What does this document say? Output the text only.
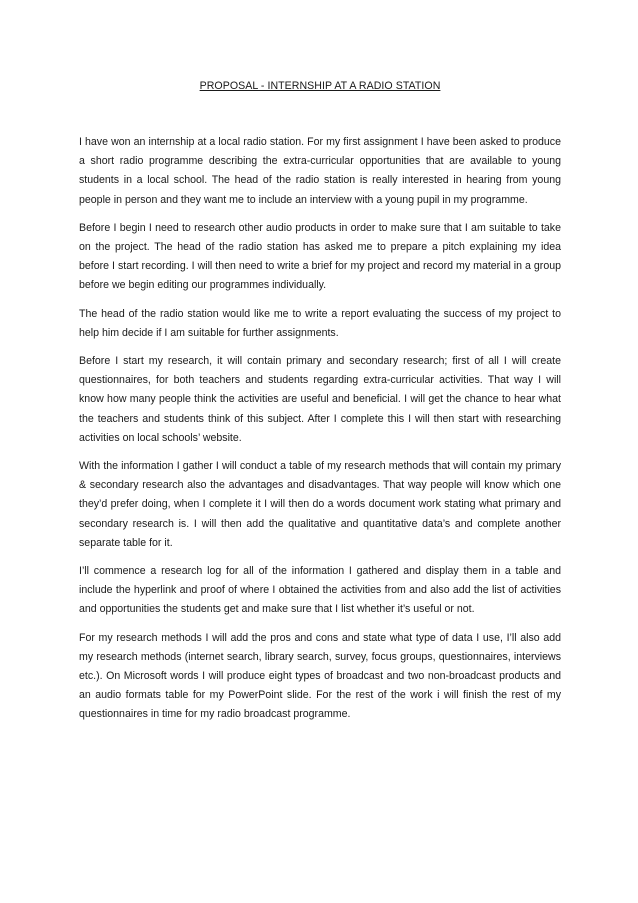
PROPOSAL - INTERNSHIP AT A RADIO STATION

I have won an internship at a local radio station. For my first assignment I have been asked to produce a short radio programme describing the extra-curricular opportunities that are available to young students in a local school. The head of the radio station is really interested in hearing from young people in person and they want me to include an interview with a young pupil in my programme.

Before I begin I need to research other audio products in order to make sure that I am suitable to take on the project. The head of the radio station has asked me to prepare a pitch explaining my idea before I start recording. I will then need to write a brief for my project and record my material in a group before we begin editing our programmes individually.

The head of the radio station would like me to write a report evaluating the success of my project to help him decide if I am suitable for further assignments.

Before I start my research, it will contain primary and secondary research; first of all I will create questionnaires, for both teachers and students regarding extra-curricular activities. That way I will know how many people think the activities are useful and beneficial. I will get the chance to hear what the teachers and students think of this subject. After I complete this I will then start with researching activities on local schools’ website.

With the information I gather I will conduct a table of my research methods that will contain my primary & secondary research also the advantages and disadvantages. That way people will know which one they’d prefer doing, when I complete it I will then do a words document work stating what primary and secondary research is. I will then add the qualitative and quantitative data’s and complete another separate table for it.

I’ll commence a research log for all of the information I gathered and display them in a table and include the hyperlink and proof of where I obtained the activities from and also add the list of activities and opportunities the students get and make sure that I list whether it’s useful or not.

For my research methods I will add the pros and cons and state what type of data I use, I’ll also add my research methods (internet search, library search, survey, focus groups, questionnaires, interviews etc.). On Microsoft words I will produce eight types of broadcast and two non-broadcast products and an audio formats table for my PowerPoint slide. For the rest of the work i will finish the rest of my questionnaires in time for my radio broadcast programme.
